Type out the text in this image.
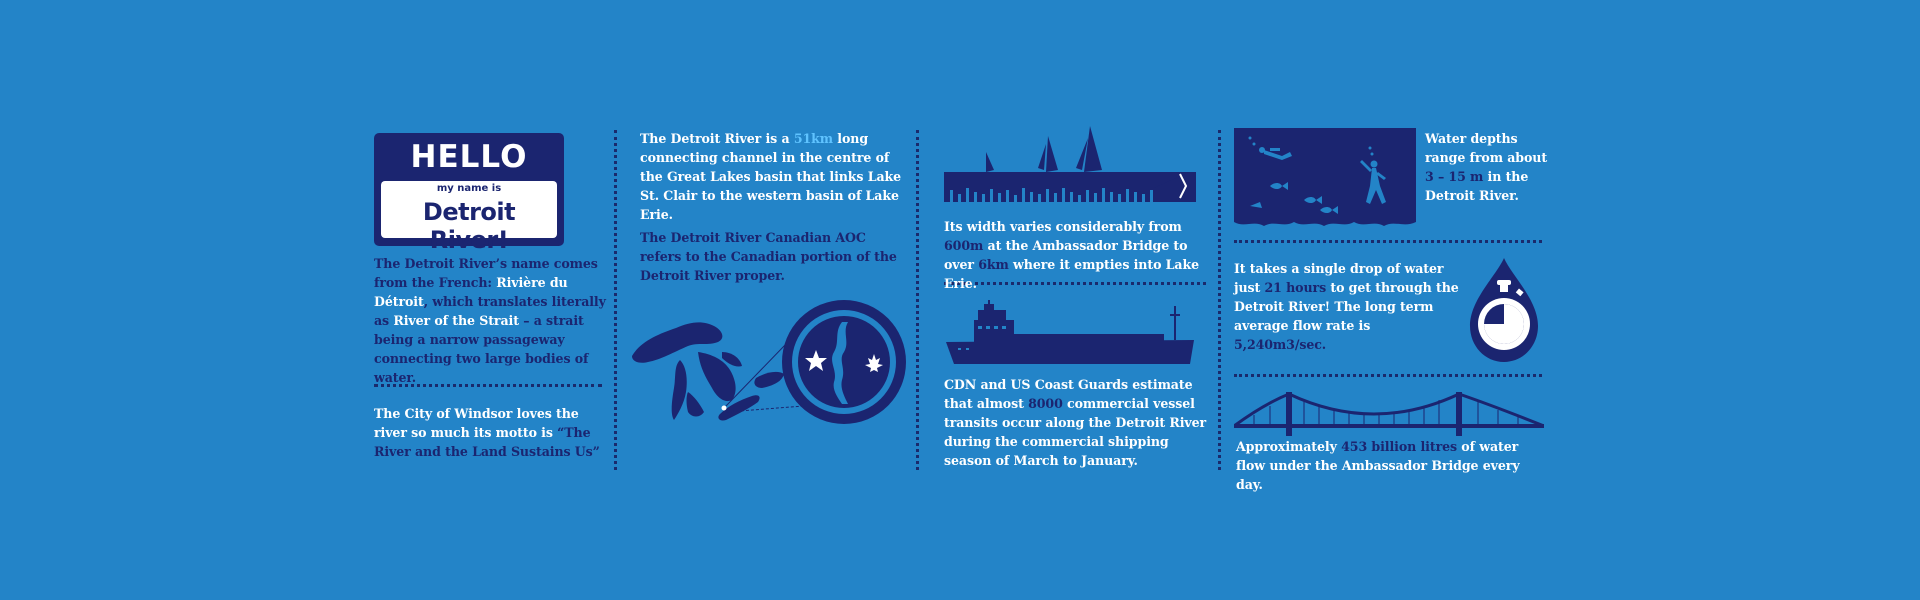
HELLO
my name is
Detroit River!
The Detroit River’s name comes from the French: Rivière du Détroit, which translates literally as River of the Strait – a strait being a narrow passageway connecting two large bodies of water.
The City of Windsor loves the river so much its motto is “The River and the Land Sustains Us”
The Detroit River is a 51km long connecting channel in the centre of the Great Lakes basin that links Lake St. Clair to the western basin of Lake Erie.
The Detroit River Canadian AOC refers to the Canadian portion of the Detroit River proper.
Its width varies considerably from 600m at the Ambassador Bridge to over 6km where it empties into Lake Erie.
CDN and US Coast Guards estimate that almost 8000 commercial vessel transits occur along the Detroit River during the commercial shipping season of March to January.
Water depths range from about 3 – 15 m in the Detroit River.
It takes a single drop of water just 21 hours to get through the Detroit River! The long term average flow rate is 5,240m3/sec.
Approximately 453 billion litres of water flow under the Ambassador Bridge every day.
